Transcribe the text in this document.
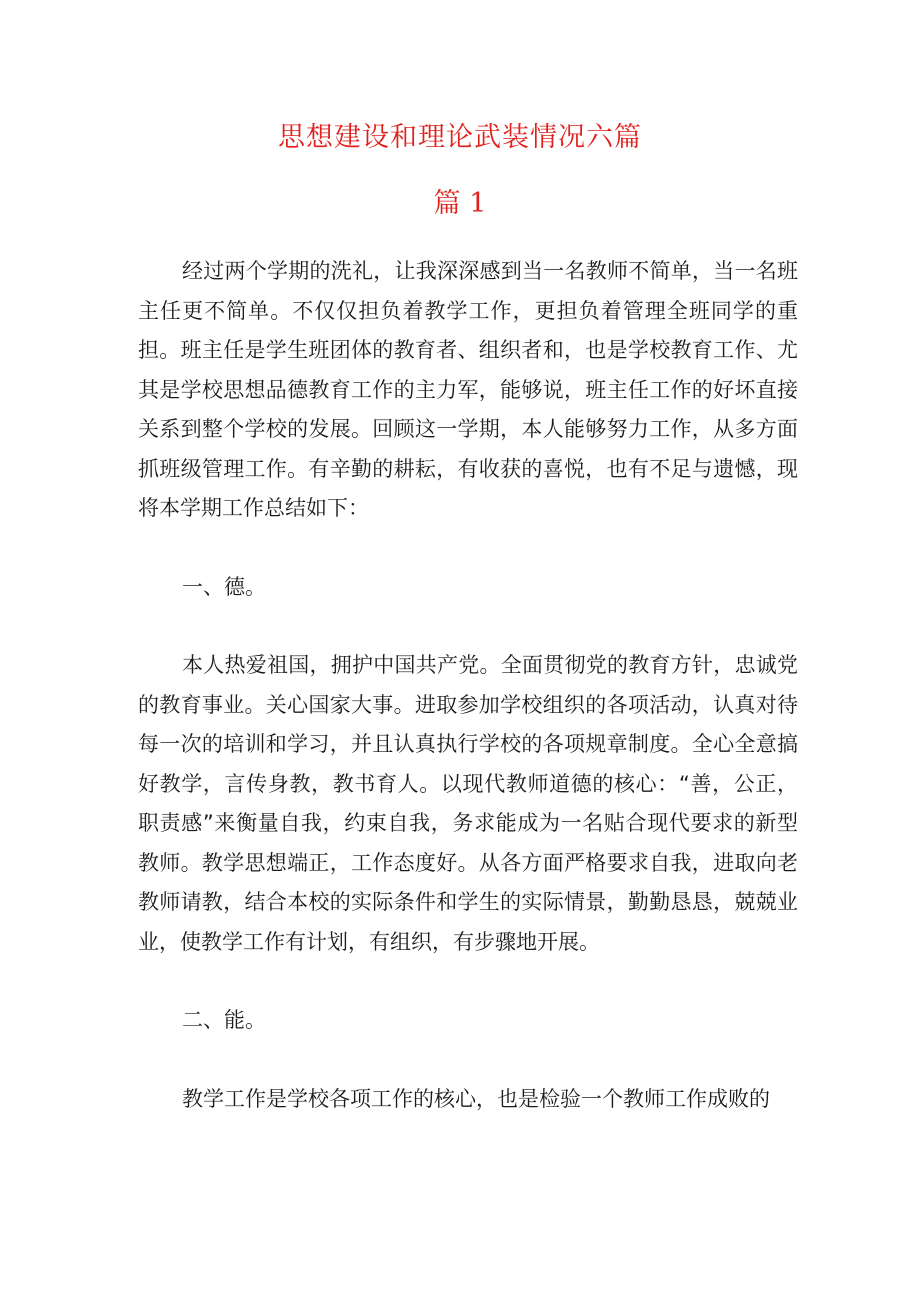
思想建设和理论武装情况六篇
篇 1

经过两个学期的洗礼，让我深深感到当一名教师不简单，当一名班主任更不简单。不仅仅担负着教学工作，更担负着管理全班同学的重担。班主任是学生班团体的教育者、组织者和，也是学校教育工作、尤其是学校思想品德教育工作的主力军，能够说，班主任工作的好坏直接关系到整个学校的发展。回顾这一学期，本人能够努力工作，从多方面抓班级管理工作。有辛勤的耕耘，有收获的喜悦，也有不足与遗憾，现将本学期工作总结如下：

一、德。

本人热爱祖国，拥护中国共产党。全面贯彻党的教育方针，忠诚党的教育事业。关心国家大事。进取参加学校组织的各项活动，认真对待每一次的培训和学习，并且认真执行学校的各项规章制度。全心全意搞好教学，言传身教，教书育人。以现代教师道德的核心：“善，公正，职责感”来衡量自我，约束自我，务求能成为一名贴合现代要求的新型教师。教学思想端正，工作态度好。从各方面严格要求自我，进取向老教师请教，结合本校的实际条件和学生的实际情景，勤勤恳恳，兢兢业业，使教学工作有计划，有组织，有步骤地开展。

二、能。

教学工作是学校各项工作的核心，也是检验一个教师工作成败的
